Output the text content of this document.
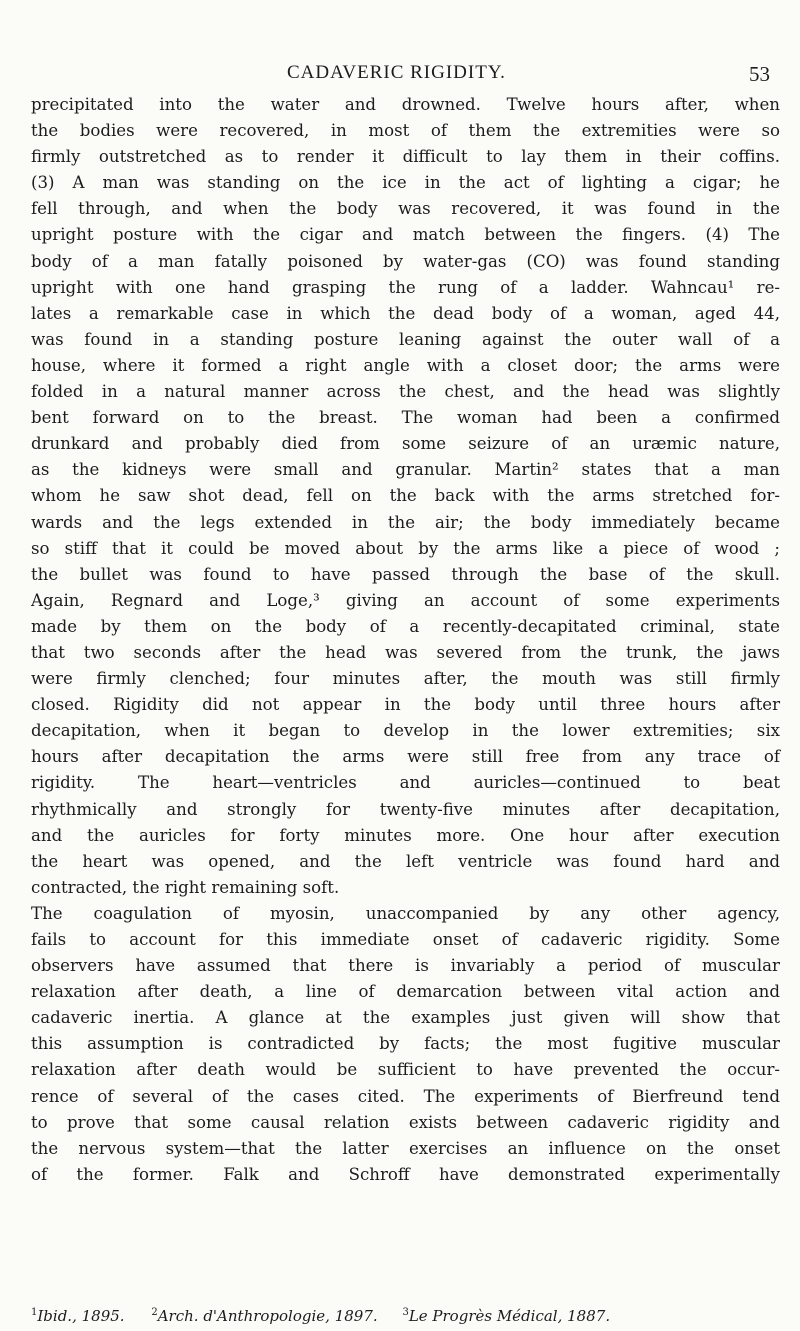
CADAVERIC RIGIDITY.	53
precipitated into the water and drowned. Twelve hours after, when
the bodies were recovered, in most of them the extremities were so
firmly outstretched as to render it difficult to lay them in their coffins.
(3) A man was standing on the ice in the act of lighting a cigar; he
fell through, and when the body was recovered, it was found in the
upright posture with the cigar and match between the fingers. (4) The
body of a man fatally poisoned by water-gas (CO) was found standing
upright with one hand grasping the rung of a ladder. Wahncau¹ re-
lates a remarkable case in which the dead body of a woman, aged 44,
was found in a standing posture leaning against the outer wall of a
house, where it formed a right angle with a closet door; the arms were
folded in a natural manner across the chest, and the head was slightly
bent forward on to the breast. The woman had been a confirmed
drunkard and probably died from some seizure of an uræmic nature,
as the kidneys were small and granular. Martin² states that a man
whom he saw shot dead, fell on the back with the arms stretched for-
wards and the legs extended in the air; the body immediately became
so stiff that it could be moved about by the arms like a piece of wood ;
the bullet was found to have passed through the base of the skull.
Again, Regnard and Loge,³ giving an account of some experiments
made by them on the body of a recently-decapitated criminal, state
that two seconds after the head was severed from the trunk, the jaws
were firmly clenched; four minutes after, the mouth was still firmly
closed. Rigidity did not appear in the body until three hours after
decapitation, when it began to develop in the lower extremities; six
hours after decapitation the arms were still free from any trace of
rigidity. The heart—ventricles and auricles—continued to beat
rhythmically and strongly for twenty-five minutes after decapitation,
and the auricles for forty minutes more. One hour after execution
the heart was opened, and the left ventricle was found hard and
contracted, the right remaining soft.
The coagulation of myosin, unaccompanied by any other agency,
fails to account for this immediate onset of cadaveric rigidity. Some
observers have assumed that there is invariably a period of muscular
relaxation after death, a line of demarcation between vital action and
cadaveric inertia. A glance at the examples just given will show that
this assumption is contradicted by facts; the most fugitive muscular
relaxation after death would be sufficient to have prevented the occur-
rence of several of the cases cited. The experiments of Bierfreund tend
to prove that some causal relation exists between cadaveric rigidity and
the nervous system—that the latter exercises an influence on the onset
of the former. Falk and Schroff have demonstrated experimentally
1Ibid., 1895.	2Arch. d'Anthropologie, 1897. 3Le Progrès Médical, 1887.
